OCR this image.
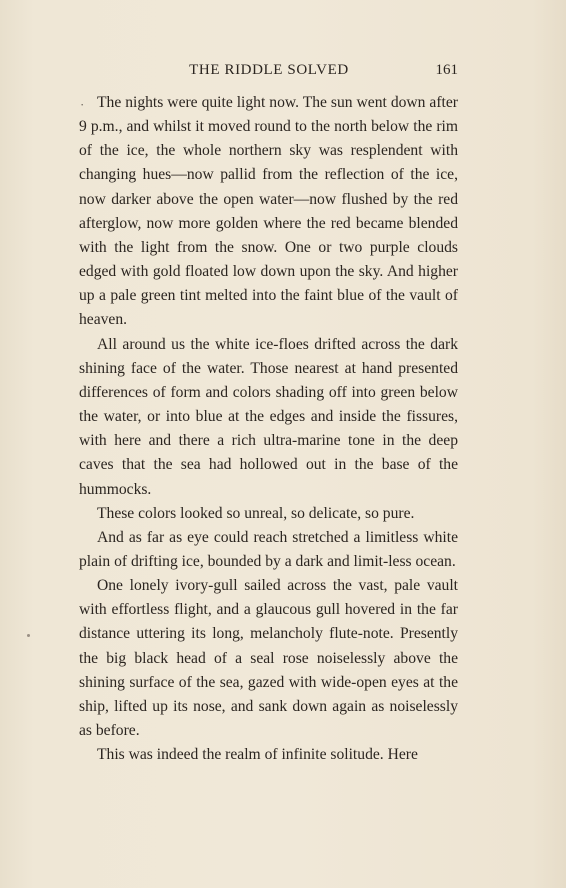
THE RIDDLE SOLVED	161

The nights were quite light now. The sun went down after 9 p.m., and whilst it moved round to the north below the rim of the ice, the whole northern sky was resplendent with changing hues—now pallid from the reflection of the ice, now darker above the open water—now flushed by the red afterglow, now more golden where the red became blended with the light from the snow. One or two purple clouds edged with gold floated low down upon the sky. And higher up a pale green tint melted into the faint blue of the vault of heaven.

All around us the white ice-floes drifted across the dark shining face of the water. Those nearest at hand presented differences of form and colors shading off into green below the water, or into blue at the edges and inside the fissures, with here and there a rich ultra-marine tone in the deep caves that the sea had hollowed out in the base of the hummocks.

These colors looked so unreal, so delicate, so pure.

And as far as eye could reach stretched a limitless white plain of drifting ice, bounded by a dark and limit-less ocean.

One lonely ivory-gull sailed across the vast, pale vault with effortless flight, and a glaucous gull hovered in the far distance uttering its long, melancholy flute-note. Presently the big black head of a seal rose noiselessly above the shining surface of the sea, gazed with wide-open eyes at the ship, lifted up its nose, and sank down again as noiselessly as before.

This was indeed the realm of infinite solitude. Here

·
